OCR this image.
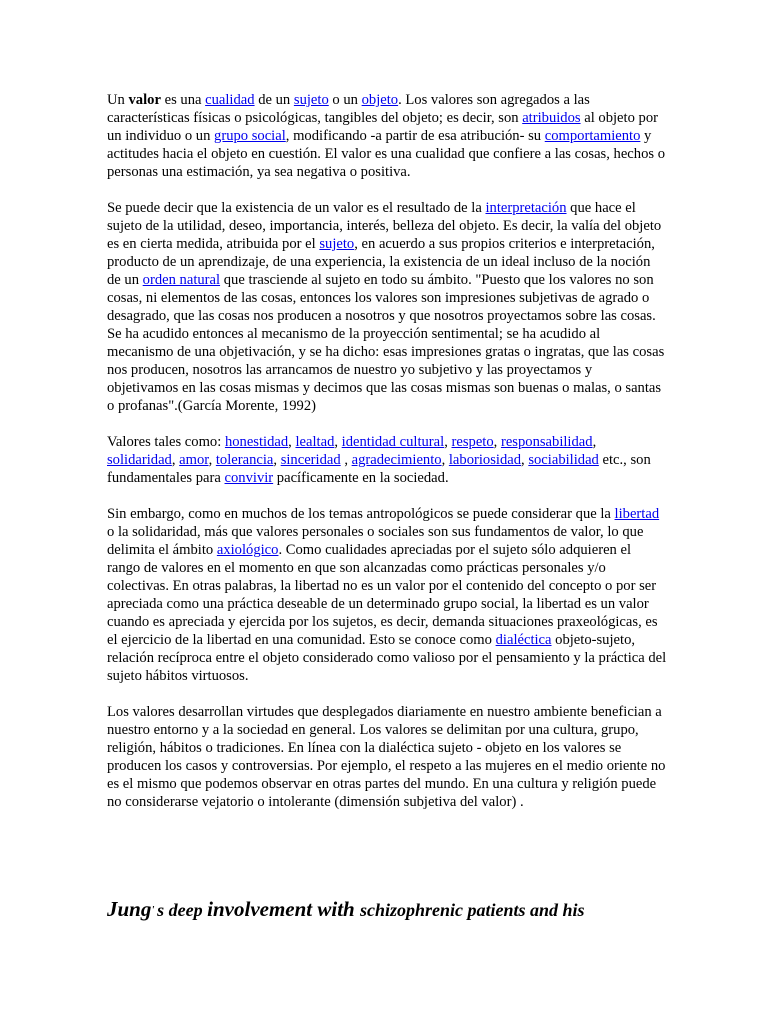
Un valor es una cualidad de un sujeto o un objeto. Los valores son agregados a las características físicas o psicológicas, tangibles del objeto; es decir, son atribuidos al objeto por un individuo o un grupo social, modificando -a partir de esa atribución- su comportamiento y actitudes hacia el objeto en cuestión. El valor es una cualidad que confiere a las cosas, hechos o personas una estimación, ya sea negativa o positiva.

Se puede decir que la existencia de un valor es el resultado de la interpretación que hace el sujeto de la utilidad, deseo, importancia, interés, belleza del objeto. Es decir, la valía del objeto es en cierta medida, atribuida por el sujeto, en acuerdo a sus propios criterios e interpretación, producto de un aprendizaje, de una experiencia, la existencia de un ideal incluso de la noción de un orden natural que trasciende al sujeto en todo su ámbito. "Puesto que los valores no son cosas, ni elementos de las cosas, entonces los valores son impresiones subjetivas de agrado o desagrado, que las cosas nos producen a nosotros y que nosotros proyectamos sobre las cosas. Se ha acudido entonces al mecanismo de la proyección sentimental; se ha acudido al mecanismo de una objetivación, y se ha dicho: esas impresiones gratas o ingratas, que las cosas nos producen, nosotros las arrancamos de nuestro yo subjetivo y las proyectamos y objetivamos en las cosas mismas y decimos que las cosas mismas son buenas o malas, o santas o profanas".(García Morente, 1992)

Valores tales como: honestidad, lealtad, identidad cultural, respeto, responsabilidad, solidaridad, amor, tolerancia, sinceridad , agradecimiento, laboriosidad, sociabilidad etc., son fundamentales para convivir pacíficamente en la sociedad.

Sin embargo, como en muchos de los temas antropológicos se puede considerar que la libertad o la solidaridad, más que valores personales o sociales son sus fundamentos de valor, lo que delimita el ámbito axiológico. Como cualidades apreciadas por el sujeto sólo adquieren el rango de valores en el momento en que son alcanzadas como prácticas personales y/o colectivas. En otras palabras, la libertad no es un valor por el contenido del concepto o por ser apreciada como una práctica deseable de un determinado grupo social, la libertad es un valor cuando es apreciada y ejercida por los sujetos, es decir, demanda situaciones praxeológicas, es el ejercicio de la libertad en una comunidad. Esto se conoce como dialéctica objeto-sujeto, relación recíproca entre el objeto considerado como valioso por el pensamiento y la práctica del sujeto hábitos virtuosos.

Los valores desarrollan virtudes que desplegados diariamente en nuestro ambiente benefician a nuestro entorno y a la sociedad en general. Los valores se delimitan por una cultura, grupo, religión, hábitos o tradiciones. En línea con la dialéctica sujeto - objeto en los valores se producen los casos y controversias. Por ejemplo, el respeto a las mujeres en el medio oriente no es el mismo que podemos observar en otras partes del mundo. En una cultura y religión puede no considerarse vejatorio o intolerante (dimensión subjetiva del valor) .

Jung' s deep involvement with schizophrenic patients and his
